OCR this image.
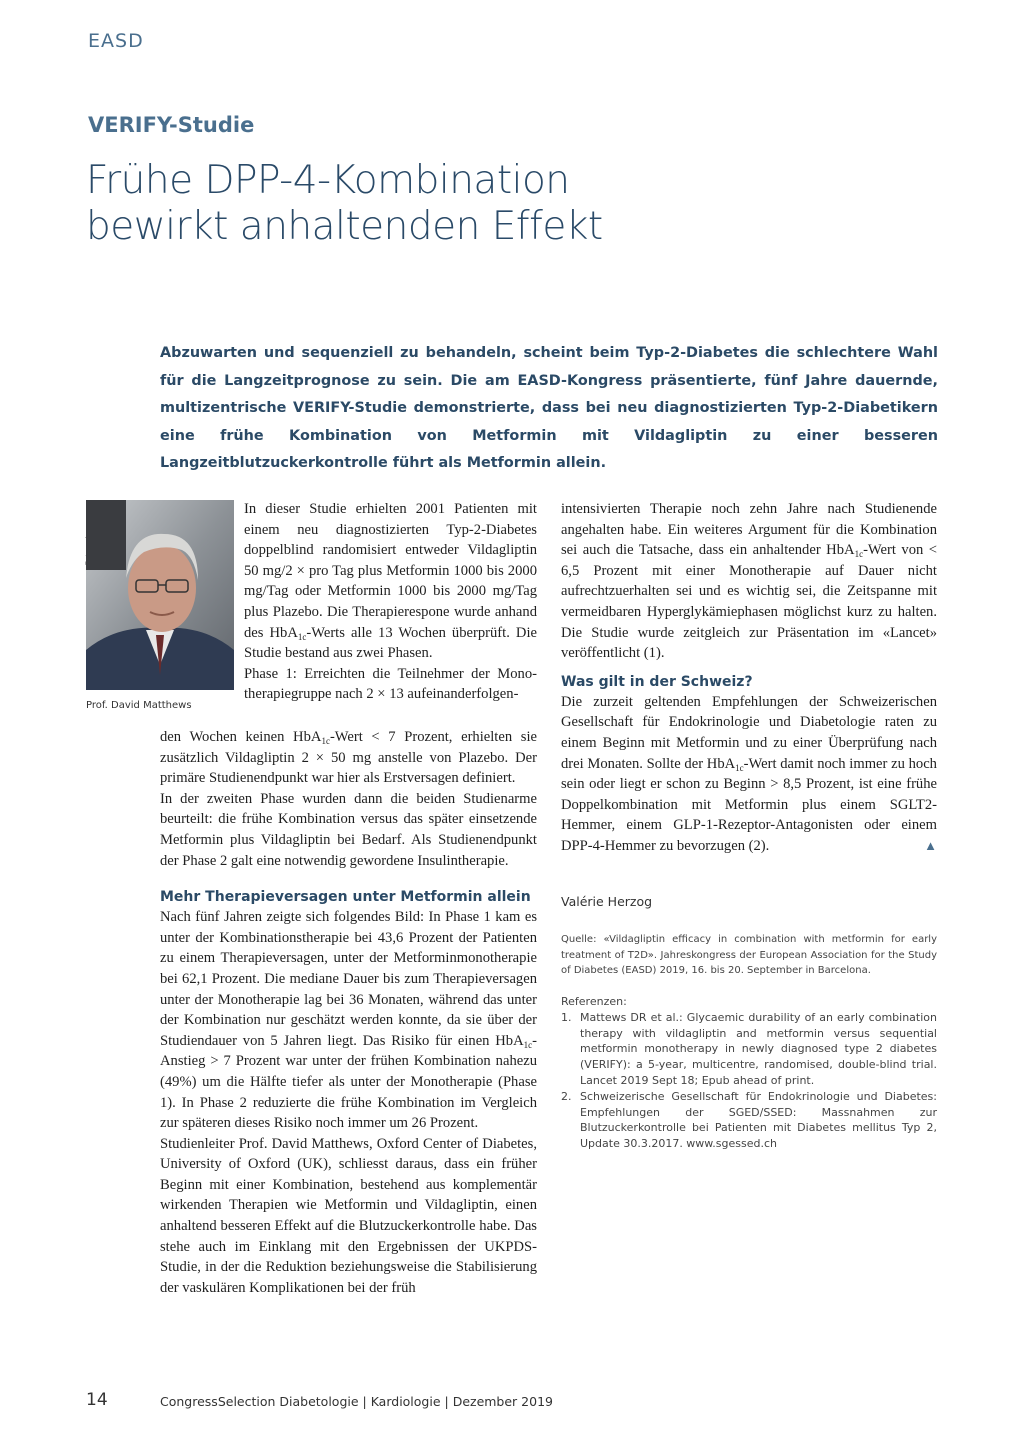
EASD
VERIFY-Studie
Frühe DPP-4-Kombination
bewirkt anhaltenden Effekt
Abzuwarten und sequenziell zu behandeln, scheint beim Typ-2-Diabetes die schlechtere Wahl für die Langzeitprognose zu sein. Die am EASD-Kongress präsentierte, fünf Jahre dauernde, multizentrische VERIFY-Studie demonstrierte, dass bei neu diagnostizierten Typ-2-Diabetikern eine frühe Kombination von Metformin mit Vildagliptin zu einer besseren Langzeitblutzuckerkontrolle führt als Metformin allein.
Prof. David Matthews

In dieser Studie erhielten 2001 Patienten mit einem neu diagnostizierten Typ-2-Diabetes doppelblind randomisiert entweder Vildagliptin 50 mg/2 × pro Tag plus Metformin 1000 bis 2000 mg/Tag oder Metformin 1000 bis 2000 mg/Tag plus Plazebo. Die Therapierespone wurde anhand des HbA$_{1c}$-Werts alle 13 Wochen überprüft. Die Studie bestand aus zwei Phasen.

Phase 1: Erreichten die Teilnehmer der Monotherapiegruppe nach 2 × 13 aufeinanderfolgen-

den Wochen keinen HbA$_{1c}$-Wert < 7 Prozent, erhielten sie zusätzlich Vildagliptin 2 × 50 mg anstelle von Plazebo. Der primäre Studienendpunkt war hier als Erstversagen definiert.

In der zweiten Phase wurden dann die beiden Studienarme beurteilt: die frühe Kombination versus das später einsetzende Metformin plus Vildagliptin bei Bedarf. Als Studienendpunkt der Phase 2 galt eine notwendig gewordene Insulintherapie.

Mehr Therapieversagen unter Metformin allein

Nach fünf Jahren zeigte sich folgendes Bild: In Phase 1 kam es unter der Kombinationstherapie bei 43,6 Prozent der Patienten zu einem Therapieversagen, unter der Metforminmonotherapie bei 62,1 Prozent. Die mediane Dauer bis zum Therapieversagen unter der Monotherapie lag bei 36 Monaten, während das unter der Kombination nur geschätzt werden konnte, da sie über der Studiendauer von 5 Jahren liegt. Das Risiko für einen HbA$_{1c}$-Anstieg > 7 Prozent war unter der frühen Kombination nahezu (49%) um die Hälfte tiefer als unter der Monotherapie (Phase 1). In Phase 2 reduzierte die frühe Kombination im Vergleich zur späteren dieses Risiko noch immer um 26 Prozent.

Studienleiter Prof. David Matthews, Oxford Center of Diabetes, University of Oxford (UK), schliesst daraus, dass ein früher Beginn mit einer Kombination, bestehend aus komplementär wirkenden Therapien wie Metformin und Vildagliptin, einen anhaltend besseren Effekt auf die Blutzuckerkontrolle habe. Das stehe auch im Einklang mit den Ergebnissen der UKPDS-Studie, in der die Reduktion beziehungsweise die Stabilisierung der vaskulären Komplikationen bei der früh

intensivierten Therapie noch zehn Jahre nach Studienende angehalten habe. Ein weiteres Argument für die Kombination sei auch die Tatsache, dass ein anhaltender HbA$_{1c}$-Wert von < 6,5 Prozent mit einer Monotherapie auf Dauer nicht aufrechtzuerhalten sei und es wichtig sei, die Zeitspanne mit vermeidbaren Hyperglykämiephasen möglichst kurz zu halten. Die Studie wurde zeitgleich zur Präsentation im «Lancet» veröffentlicht (1).

Was gilt in der Schweiz?

Die zurzeit geltenden Empfehlungen der Schweizerischen Gesellschaft für Endokrinologie und Diabetologie raten zu einem Beginn mit Metformin und zu einer Überprüfung nach drei Monaten. Sollte der HbA$_{1c}$-Wert damit noch immer zu hoch sein oder liegt er schon zu Beginn > 8,5 Prozent, ist eine frühe Doppelkombination mit Metformin plus einem SGLT2-Hemmer, einem GLP-1-Rezeptor-Antagonisten oder einem DPP-4-Hemmer zu bevorzugen (2).	▲

Valérie Herzog
Quelle: «Vildagliptin efficacy in combination with metformin for early treatment of T2D». Jahreskongress der European Association for the Study of Diabetes (EASD) 2019, 16. bis 20. September in Barcelona.
Referenzen:
1. Mattews DR et al.: Glycaemic durability of an early combination therapy with vildagliptin and metformin versus sequential metformin monotherapy in newly diagnosed type 2 diabetes (VERIFY): a 5-year, multicentre, randomised, double-blind trial. Lancet 2019 Sept 18; Epub ahead of print.
2. Schweizerische Gesellschaft für Endokrinologie und Diabetes: Empfehlungen der SGED/SSED: Massnahmen zur Blutzuckerkontrolle bei Patienten mit Diabetes mellitus Typ 2, Update 30.3.2017. www.sgessed.ch
14	CongressSelection Diabetologie | Kardiologie | Dezember 2019
